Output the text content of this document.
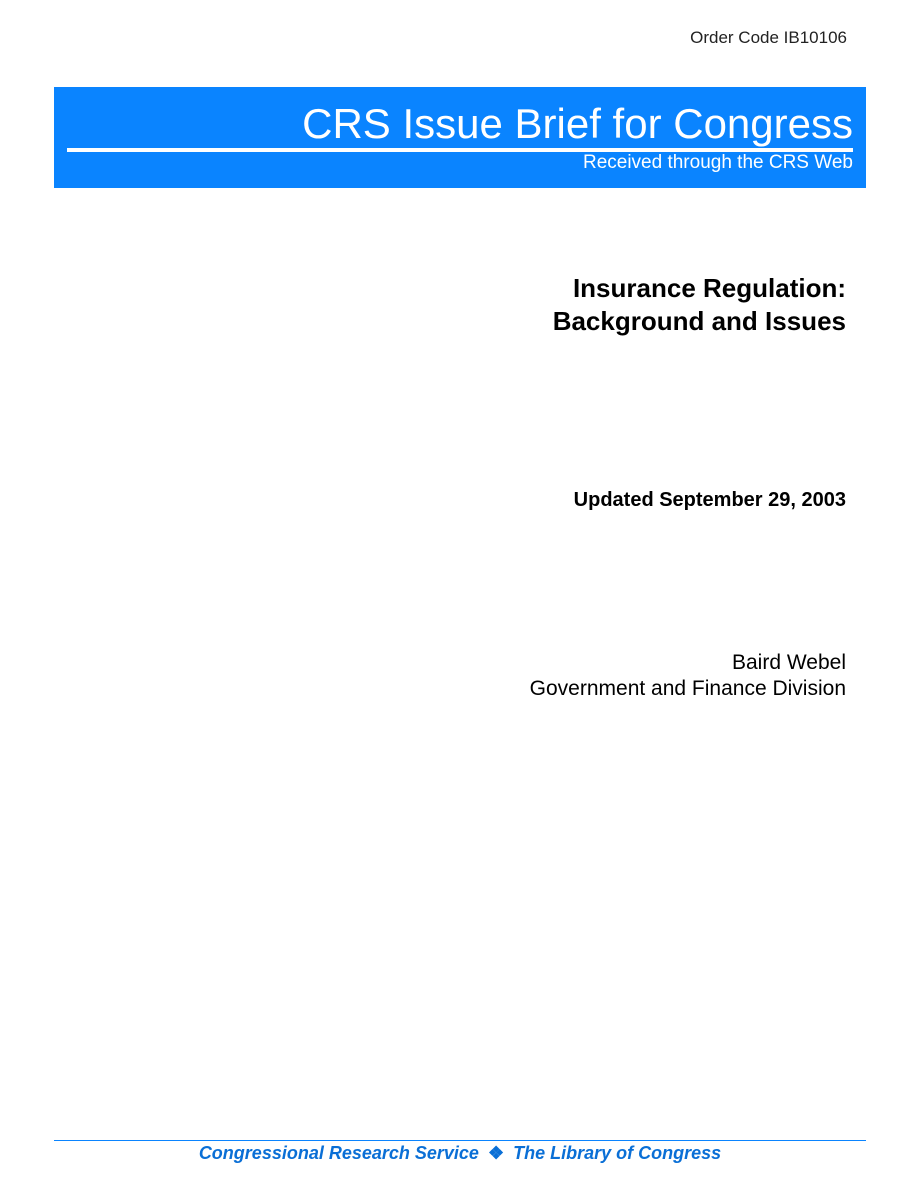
Order Code IB10106
CRS Issue Brief for Congress
Received through the CRS Web
Insurance Regulation:
Background and Issues
Updated September 29, 2003
Baird Webel
Government and Finance Division
Congressional Research Service ❖ The Library of Congress
